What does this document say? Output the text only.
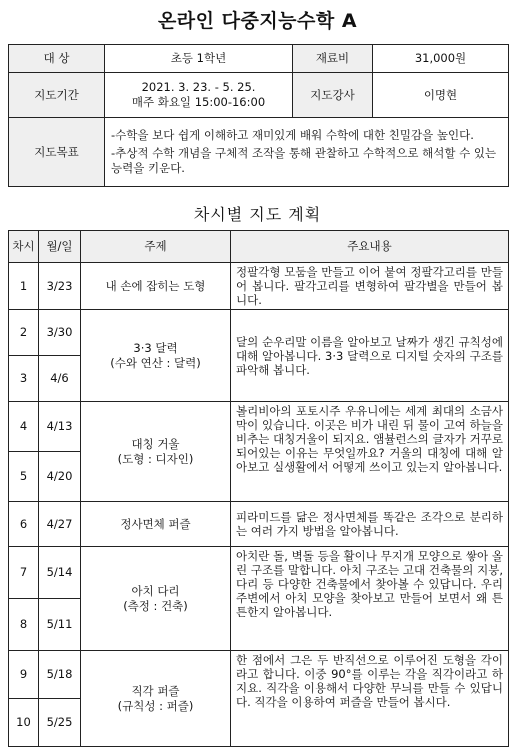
온라인 다중지능수학 A
대 상	초등 1학년	재료비	31,000원
지도기간	2021. 3. 23. - 5. 25.
매주 화요일 15:00-16:00	지도강사	이명현
지도목표	-수학을 보다 쉽게 이해하고 재미있게 배워 수학에 대한 친밀감을 높인다.
-추상적 수학 개념을 구체적 조작을 통해 관찰하고 수학적으로 해석할 수 있는 능력을 키운다.		
차시별 지도 계획
차시	월/일	주제	주요내용
1	3/23	내 손에 잡히는 도형	정팔각형 모둠을 만들고 이어 붙여 정팔각고리를 만들어 봅니다. 팔각고리를 변형하여 팔각별을 만들어 봅니다.
2	3/30	3·3 달력
(수와 연산 : 달력)	달의 순우리말 이름을 알아보고 날짜가 생긴 규칙성에 대해 알아봅니다. 3·3 달력으로 디지털 숫자의 구조를 파악해 봅니다.
3	4/6		
4	4/13	대칭 거울
(도형 : 디자인)	볼리비아의 포토시주 우유니에는 세계 최대의 소금사막이 있습니다. 이곳은 비가 내린 뒤 물이 고여 하늘을 비추는 대칭거울이 되지요. 앰뷸런스의 글자가 거꾸로 되어있는 이유는 무엇일까요? 거울의 대칭에 대해 알아보고 실생활에서 어떻게 쓰이고 있는지 알아봅니다.
5	4/20		
6	4/27	정사면체 퍼즐	피라미드를 닮은 정사면체를 똑같은 조각으로 분리하는 여러 가지 방법을 알아봅니다.
7	5/14	아치 다리
(측정 : 건축)	아치란 돌, 벽돌 등을 활이나 무지개 모양으로 쌓아 올린 구조를 말합니다. 아치 구조는 고대 건축물의 지붕, 다리 등 다양한 건축물에서 찾아볼 수 있답니다. 우리 주변에서 아치 모양을 찾아보고 만들어 보면서 왜 튼튼한지 알아봅니다.
8	5/11		
9	5/18	직각 퍼즐
(규칙성 : 퍼즐)	한 점에서 그은 두 반직선으로 이루어진 도형을 각이라고 합니다. 이중 90°를 이루는 각을 직각이라고 하지요. 직각을 이용해서 다양한 무늬를 만들 수 있답니다. 직각을 이용하여 퍼즐을 만들어 봅시다.
10	5/25		
